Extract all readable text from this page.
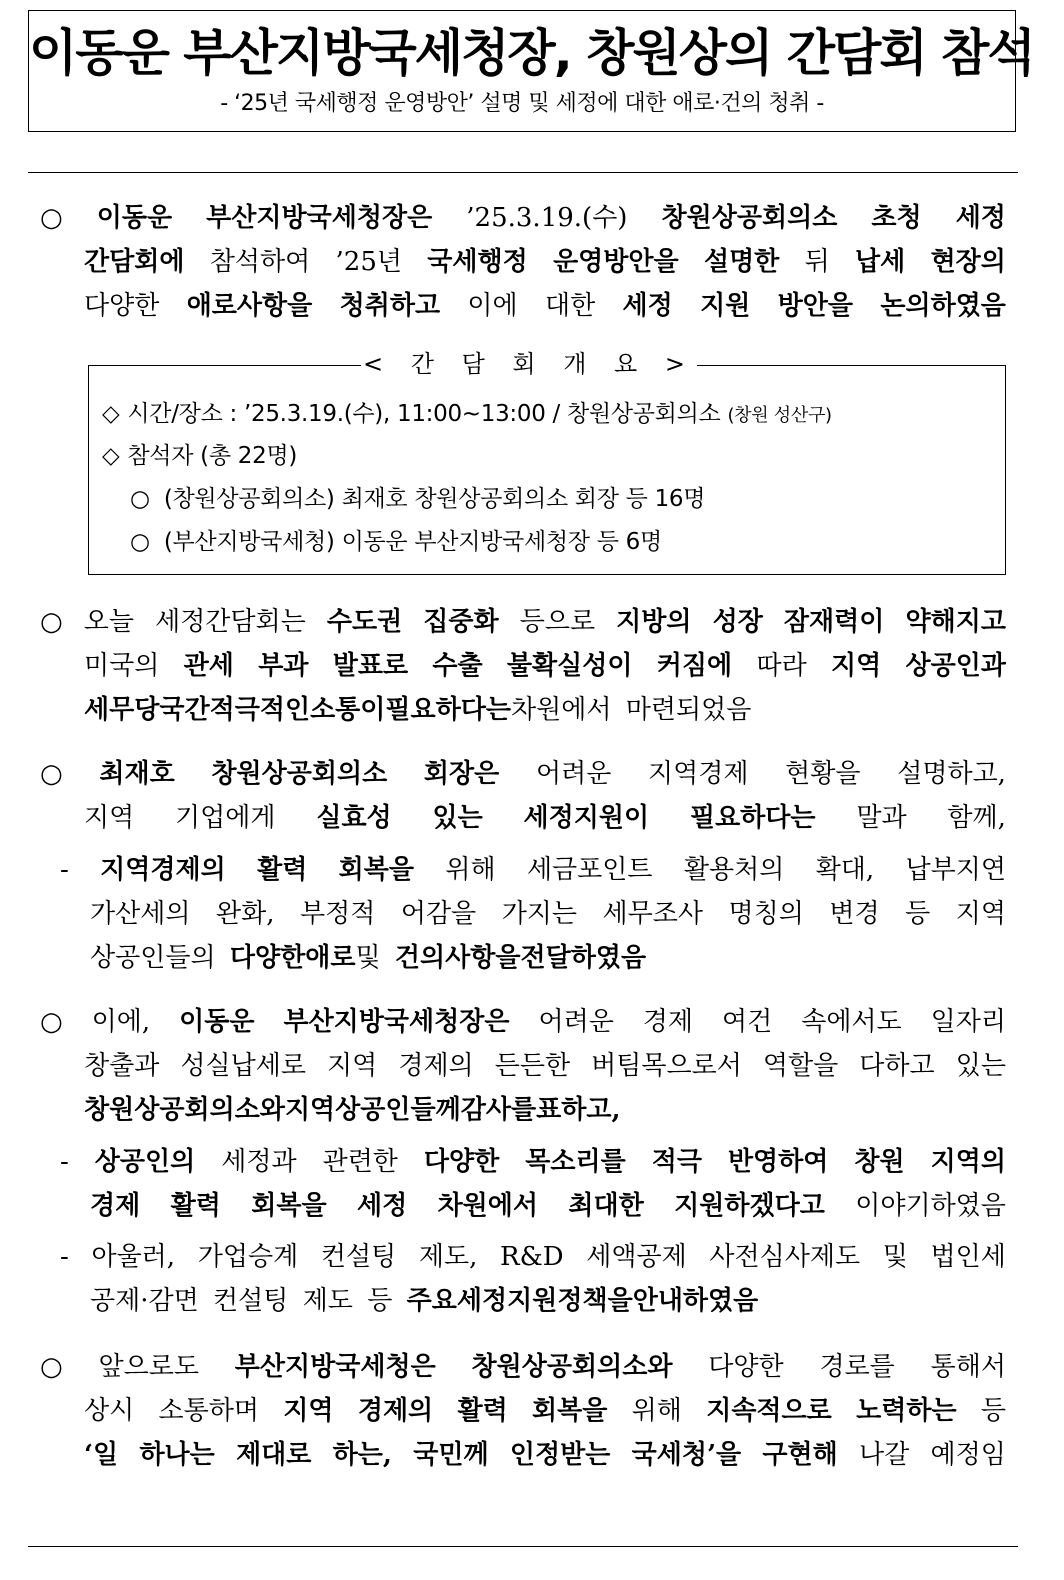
이동운 부산지방국세청장, 창원상의 간담회 참석
- ‘25년 국세행정 운영방안’ 설명 및 세정에 대한 애로·건의 청취 -
○ 이동운 부산지방국세청장은 ’25.3.19.(수) 창원상공회의소 초청 세정
간담회에 참석하여 ’25년 국세행정 운영방안을 설명한 뒤 납세 현장의
다양한 애로사항을 청취하고 이에 대한 세정 지원 방안을 논의하였음
< 간 담 회 개 요 >
◇ 시간/장소 : ’25.3.19.(수), 11:00∼13:00 / 창원상공회의소 (창원 성산구)
◇ 참석자 (총 22명)
○ (창원상공회의소) 최재호 창원상공회의소 회장 등 16명
○ (부산지방국세청) 이동운 부산지방국세청장 등 6명
○ 오늘 세정간담회는 수도권 집중화 등으로 지방의 성장 잠재력이 약해지고
미국의 관세 부과 발표로 수출 불확실성이 커짐에 따라 지역 상공인과
세무 당국 간 적극적인 소통이 필요하다는 차원에서 마련되었음
○ 최재호 창원상공회의소 회장은 어려운 지역경제 현황을 설명하고,
지역 기업에게 실효성 있는 세정지원이 필요하다는 말과 함께,
- 지역경제의 활력 회복을 위해 세금포인트 활용처의 확대, 납부지연
가산세의 완화, 부정적 어감을 가지는 세무조사 명칭의 변경 등 지역
상공인들의 다양한 애로 및 건의사항을 전달하였음
○ 이에, 이동운 부산지방국세청장은 어려운 경제 여건 속에서도 일자리
창출과 성실납세로 지역 경제의 든든한 버팀목으로서 역할을 다하고 있는
창원상공회의소와 지역 상공인들께 감사를 표하고,
- 상공인의 세정과 관련한 다양한 목소리를 적극 반영하여 창원 지역의
경제 활력 회복을 세정 차원에서 최대한 지원하겠다고 이야기하였음
- 아울러, 가업승계 컨설팅 제도, R&D 세액공제 사전심사제도 및 법인세
공제·감면 컨설팅 제도 등 주요 세정지원 정책을 안내하였음
○ 앞으로도 부산지방국세청은 창원상공회의소와 다양한 경로를 통해서
상시 소통하며 지역 경제의 활력 회복을 위해 지속적으로 노력하는 등
‘일 하나는 제대로 하는, 국민께 인정받는 국세청’을 구현해 나갈 예정임
